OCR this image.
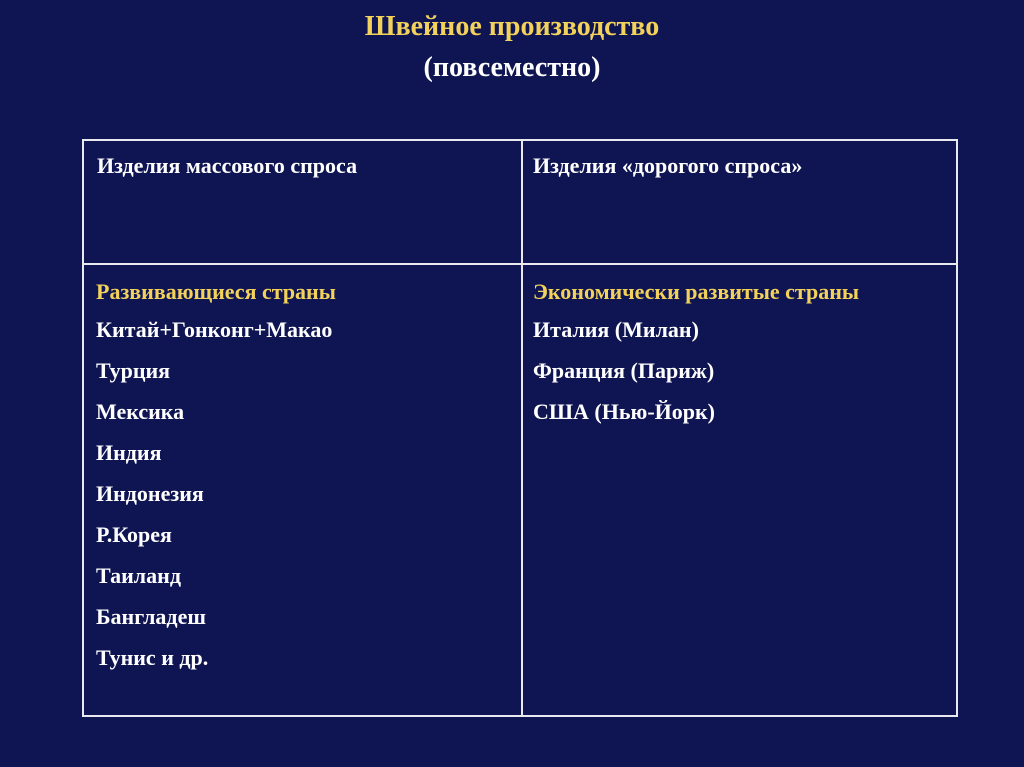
Швейное производство
(повсеместно)
Изделия массового спроса	Изделия «дорогого спроса»
Развивающиеся страны
Китай+Гонконг+Макао
Турция
Мексика
Индия
Индонезия
Р.Корея
Таиланд
Бангладеш
Тунис и др.
Экономически развитые страны
Италия (Милан)
Франция (Париж)
США (Нью-Йорк)
